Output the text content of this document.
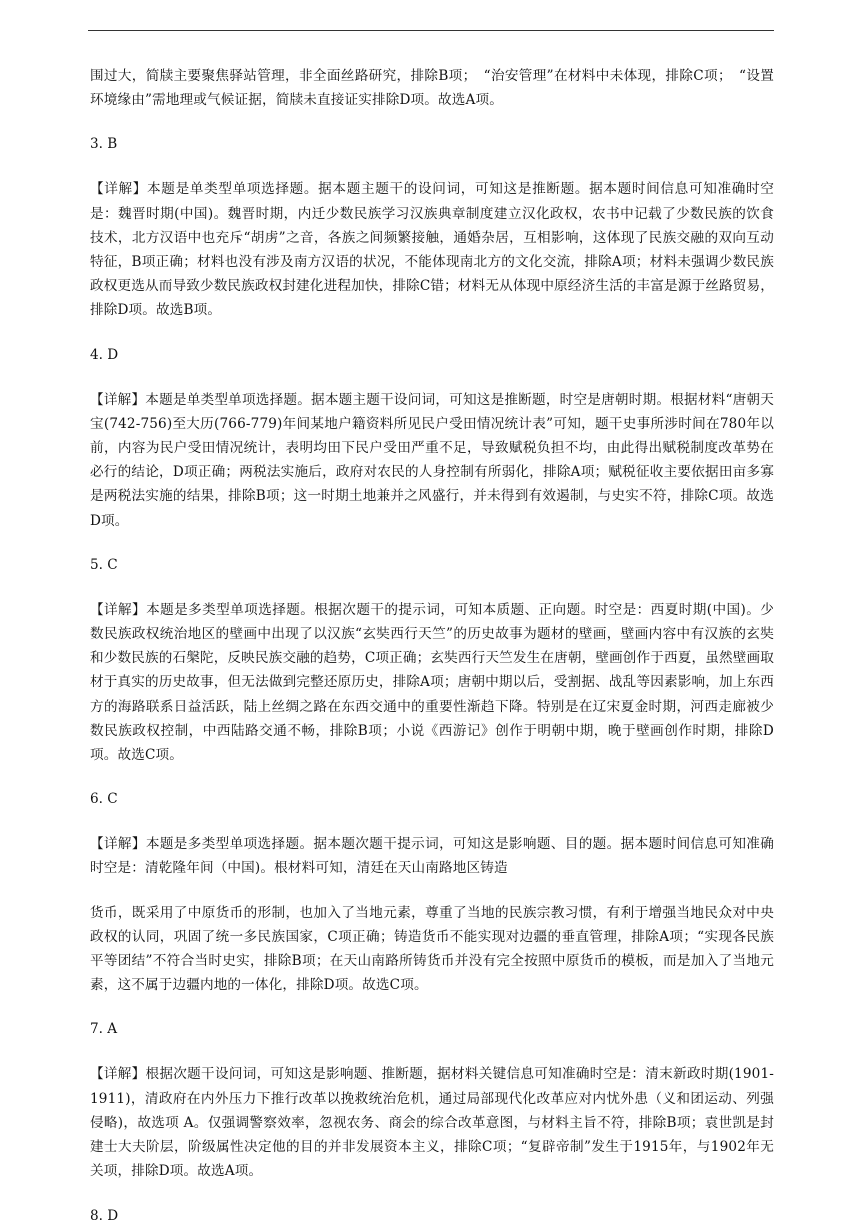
围过大，简牍主要聚焦驿站管理，非全面丝路研究，排除B项；　“治安管理”在材料中未体现，排除C项；　“设置环境缘由”需地理或气候证据，简牍未直接证实排除D项。故选A项。

3. B

【详解】本题是单类型单项选择题。据本题主题干的设问词，可知这是推断题。据本题时间信息可知准确时空是：魏晋时期(中国)。魏晋时期，内迁少数民族学习汉族典章制度建立汉化政权，农书中记载了少数民族的饮食技术，北方汉语中也充斥“胡虏”之音，各族之间频繁接触，通婚杂居，互相影响，这体现了民族交融的双向互动特征，B项正确；材料也没有涉及南方汉语的状况，不能体现南北方的文化交流，排除A项；材料未强调少数民族政权更选从而导致少数民族政权封建化进程加快，排除C错；材料无从体现中原经济生活的丰富是源于丝路贸易，排除D项。故选B项。

4. D

【详解】本题是单类型单项选择题。据本题主题干设问词，可知这是推断题，时空是唐朝时期。根据材料“唐朝天宝(742-756)至大历(766-779)年间某地户籍资料所见民户受田情况统计表”可知，题干史事所涉时间在780年以前，内容为民户受田情况统计，表明均田下民户受田严重不足，导致赋税负担不均，由此得出赋税制度改革势在必行的结论，D项正确；两税法实施后，政府对农民的人身控制有所弱化，排除A项；赋税征收主要依据田亩多寡是两税法实施的结果，排除B项；这一时期土地兼并之风盛行，并未得到有效遏制，与史实不符，排除C项。故选D项。

5. C

【详解】本题是多类型单项选择题。根据次题干的提示词，可知本质题、正向题。时空是：西夏时期(中国)。少数民族政权统治地区的壁画中出现了以汉族“玄奘西行天竺”的历史故事为题材的壁画，壁画内容中有汉族的玄奘和少数民族的石槃陀，反映民族交融的趋势，C项正确；玄奘西行天竺发生在唐朝，壁画创作于西夏，虽然壁画取材于真实的历史故事，但无法做到完整还原历史，排除A项；唐朝中期以后，受割据、战乱等因素影响，加上东西方的海路联系日益活跃，陆上丝绸之路在东西交通中的重要性渐趋下降。特别是在辽宋夏金时期，河西走廊被少数民族政权控制，中西陆路交通不畅，排除B项；小说《西游记》创作于明朝中期，晚于壁画创作时期，排除D项。故选C项。

6. C

【详解】本题是多类型单项选择题。据本题次题干提示词，可知这是影响题、目的题。据本题时间信息可知准确时空是：清乾隆年间（中国)。根材料可知，清廷在天山南路地区铸造

货币，既采用了中原货币的形制，也加入了当地元素，尊重了当地的民族宗教习惯，有利于增强当地民众对中央政权的认同，巩固了统一多民族国家，C项正确；铸造货币不能实现对边疆的垂直管理，排除A项；“实现各民族平等团结”不符合当时史实，排除B项；在天山南路所铸货币并没有完全按照中原货币的模板，而是加入了当地元素，这不属于边疆内地的一体化，排除D项。故选C项。

7. A

【详解】根据次题干设问词，可知这是影响题、推断题，据材料关键信息可知准确时空是：清末新政时期(1901-1911)，清政府在内外压力下推行改革以挽救统治危机，通过局部现代化改革应对内忧外患（义和团运动、列强侵略)，故选项 A。仅强调警察效率，忽视农务、商会的综合改革意图，与材料主旨不符，排除B项；袁世凯是封建士大夫阶层，阶级属性决定他的目的并非发展资本主义，排除C项；“复辟帝制”发生于1915年，与1902年无关项，排除D项。故选A项。

8. D
